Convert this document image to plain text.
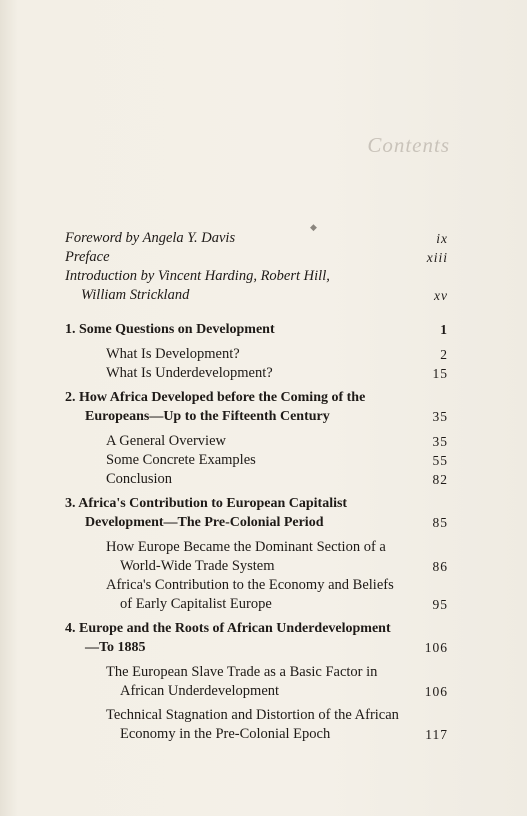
Contents
◆
Foreword by Angela Y. Davis	ix
Preface	xiii
Introduction by Vincent Harding, Robert Hill,
William Strickland	xv
1. Some Questions on Development	1
What Is Development?	2
What Is Underdevelopment?	15
2. How Africa Developed before the Coming of the
Europeans—Up to the Fifteenth Century	35
A General Overview	35
Some Concrete Examples	55
Conclusion	82
3. Africa's Contribution to European Capitalist
Development—The Pre-Colonial Period	85
How Europe Became the Dominant Section of a
World-Wide Trade System	86
Africa's Contribution to the Economy and Beliefs
of Early Capitalist Europe	95
4. Europe and the Roots of African Underdevelopment
—To 1885	106
The European Slave Trade as a Basic Factor in
African Underdevelopment	106
Technical Stagnation and Distortion of the African
Economy in the Pre-Colonial Epoch	117
